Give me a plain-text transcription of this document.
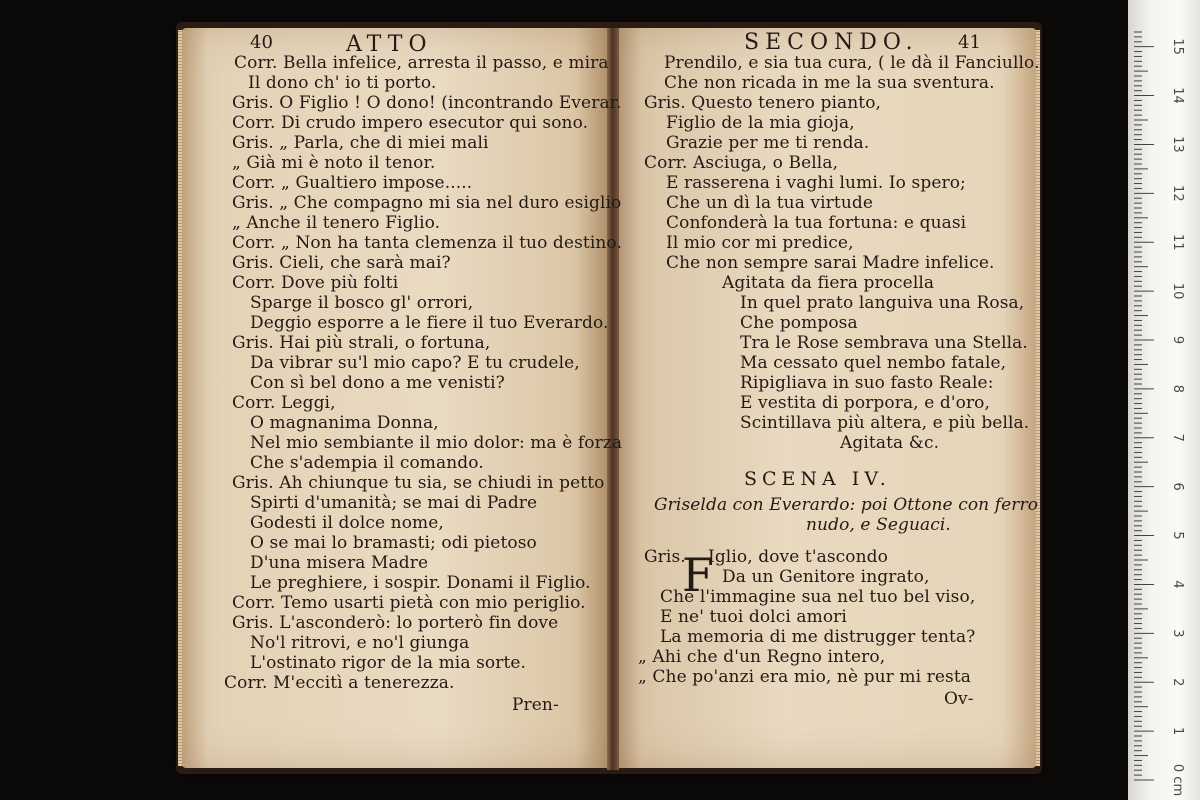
40	ATTO
Corr. Bella infelice, arresta il passo, e mira
Il dono ch' io ti porto.
Gris. O Figlio ! O dono! (incontrando Everar.
Corr. Di crudo impero esecutor qui sono.
Gris. „ Parla, che di miei mali
„ Già mi è noto il tenor.
Corr. „ Gualtiero impose.....
Gris. „ Che compagno mi sia nel duro esiglio
„ Anche il tenero Figlio.
Corr. „ Non ha tanta clemenza il tuo destino.
Gris. Cieli, che sarà mai?
Corr. Dove più folti
Sparge il bosco gl' orrori,
Deggio esporre a le fiere il tuo Everardo.
Gris. Hai più strali, o fortuna,
Da vibrar su'l mio capo? E tu crudele,
Con sì bel dono a me venisti?
Corr. Leggi,
O magnanima Donna,
Nel mio sembiante il mio dolor: ma è forza
Che s'adempia il comando.
Gris. Ah chiunque tu sia, se chiudi in petto
Spirti d'umanità; se mai di Padre
Godesti il dolce nome,
O se mai lo bramasti; odi pietoso
D'una misera Madre
Le preghiere, i sospir. Donami il Figlio.
Corr. Temo usarti pietà con mio periglio.
Gris. L'asconderò: lo porterò fin dove
No'l ritrovi, e no'l giunga
L'ostinato rigor de la mia sorte.
Corr. M'eccitì a tenerezza.
Pren-
SECONDO. 41
Prendilo, e sia tua cura, ( le dà il Fanciullo.
Che non ricada in me la sua sventura.
Gris. Questo tenero pianto,
Figlio de la mia gioja,
Grazie per me ti renda.
Corr. Asciuga, o Bella,
E rasserena i vaghi lumi. Io spero;
Che un dì la tua virtude
Confonderà la tua fortuna: e quasi
Il mio cor mi predice,
Che non sempre sarai Madre infelice.
Agitata da fiera procella
In quel prato languiva una Rosa,
Che pomposa
Tra le Rose sembrava una Stella.
Ma cessato quel nembo fatale,
Ripigliava in suo fasto Reale:
E vestita di porpora, e d'oro,
Scintillava più altera, e più bella.
Agitata &c.
Griselda con Everardo: poi Ottone con ferro
nudo, e Seguaci.
Gris. Iglio, dove t'ascondo
Da un Genitore ingrato,
Che l'immagine sua nel tuo bel viso,
E ne' tuoi dolci amori
La memoria di me distrugger tenta?
„ Ahi che d'un Regno intero,
„ Che po'anzi era mio, nè pur mi resta
SCENA IV.
F
Ov-
0 cm
1
2
3
4
5
6
7
8
9
10
11
12
13
14
15
